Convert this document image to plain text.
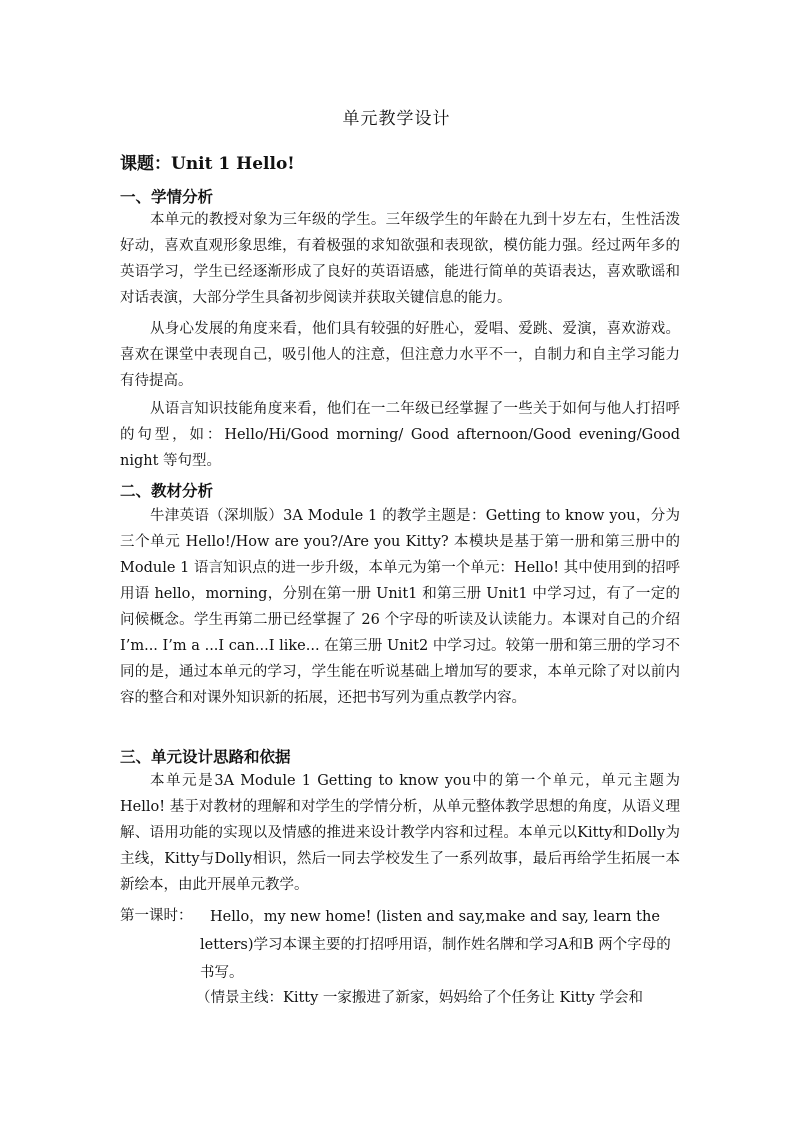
单元教学设计
课题：Unit 1 Hello!
一、学情分析

本单元的教授对象为三年级的学生。三年级学生的年龄在九到十岁左右，生性活泼好动，喜欢直观形象思维，有着极强的求知欲强和表现欲，模仿能力强。经过两年多的英语学习，学生已经逐渐形成了良好的英语语感，能进行简单的英语表达，喜欢歌谣和对话表演，大部分学生具备初步阅读并获取关键信息的能力。

从身心发展的角度来看，他们具有较强的好胜心，爱唱、爱跳、爱演，喜欢游戏。喜欢在课堂中表现自己，吸引他人的注意，但注意力水平不一，自制力和自主学习能力有待提高。

从语言知识技能角度来看，他们在一二年级已经掌握了一些关于如何与他人打招呼的句型，如：Hello/Hi/Good morning/ Good afternoon/Good evening/Good night 等句型。

二、教材分析

牛津英语（深圳版）3A Module 1 的教学主题是：Getting to know you，分为三个单元 Hello!/How are you?/Are you Kitty? 本模块是基于第一册和第三册中的 Module 1 语言知识点的进一步升级，本单元为第一个单元：Hello! 其中使用到的招呼用语 hello，morning，分别在第一册 Unit1 和第三册 Unit1 中学习过，有了一定的问候概念。学生再第二册已经掌握了 26 个字母的听读及认读能力。本课对自己的介绍 I’m... I’m a ...I can...I like... 在第三册 Unit2 中学习过。较第一册和第三册的学习不同的是，通过本单元的学习，学生能在听说基础上增加写的要求，本单元除了对以前内容的整合和对课外知识新的拓展，还把书写列为重点教学内容。

三、单元设计思路和依据

本单元是3A Module 1 Getting to know you中的第一个单元，单元主题为Hello! 基于对教材的理解和对学生的学情分析，从单元整体教学思想的角度，从语义理解、语用功能的实现以及情感的推进来设计教学内容和过程。本单元以Kitty和Dolly为主线，Kitty与Dolly相识，然后一同去学校发生了一系列故事，最后再给学生拓展一本新绘本，由此开展单元教学。

第一课时：	Hello，my new home! (listen and say,make and say, learn the letters)学习本课主要的打招呼用语，制作姓名牌和学习A和B 两个字母的书写。

（情景主线：Kitty 一家搬进了新家，妈妈给了个任务让 Kitty 学会和
